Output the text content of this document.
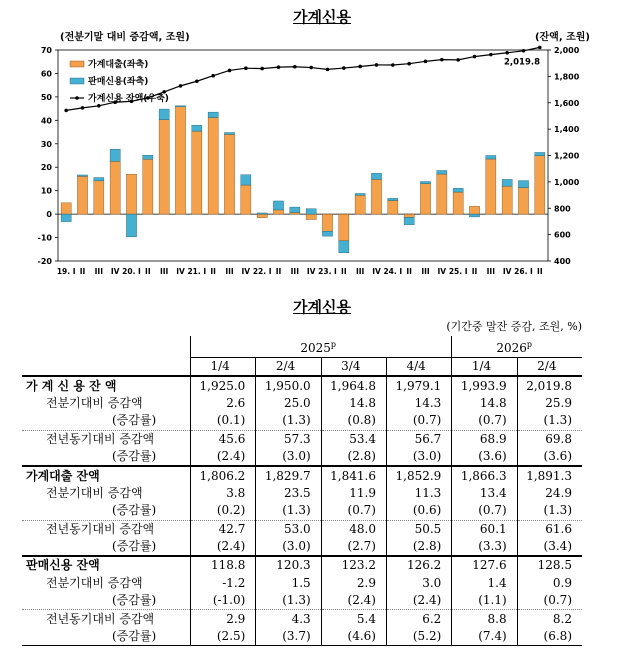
가계신용
(전분기말 대비 증감액, 조원)	(잔액, 조원)
-20
-10
0
10
20
30
40
50
60
70
400
600
800
1,000
1,200
1,400
1,600
1,800
2,000
19. I II III IV 20. I II III IV 21. I II III IV 22. I II III IV 23. I II III IV 24. I II III IV 25. I II III IV 26. I II
2,019.8
가계대출(좌축)
판매신용(좌축)
가계신용 잔액(우축)
가계신용
(기간중 말잔 증감, 조원, %)
	2025$^p$				2026$^p$
	1/4	2/4	3/4	4/4	1/4	2/4
가 계 신 용 잔 액	1,925.0	1,950.0	1,964.8	1,979.1	1,993.9	2,019.8
전분기대비 증감액	2.6	25.0	14.8	14.3	14.8	25.9
(증감률)	(0.1)	(1.3)	(0.8)	(0.7)	(0.7)	(1.3)
전년동기대비 증감액	45.6	57.3	53.4	56.7	68.9	69.8
(증감률)	(2.4)	(3.0)	(2.8)	(3.0)	(3.6)	(3.6)
가계대출 잔액	1,806.2	1,829.7	1,841.6	1,852.9	1,866.3	1,891.3
전분기대비 증감액	3.8	23.5	11.9	11.3	13.4	24.9
(증감률)	(0.2)	(1.3)	(0.7)	(0.6)	(0.7)	(1.3)
전년동기대비 증감액	42.7	53.0	48.0	50.5	60.1	61.6
(증감률)	(2.4)	(3.0)	(2.7)	(2.8)	(3.3)	(3.4)
판매신용 잔액	118.8	120.3	123.2	126.2	127.6	128.5
전분기대비 증감액	-1.2	1.5	2.9	3.0	1.4	0.9
(증감률)	(-1.0)	(1.3)	(2.4)	(2.4)	(1.1)	(0.7)
전년동기대비 증감액	2.9	4.3	5.4	6.2	8.8	8.2
(증감률)	(2.5)	(3.7)	(4.6)	(5.2)	(7.4)	(6.8)
